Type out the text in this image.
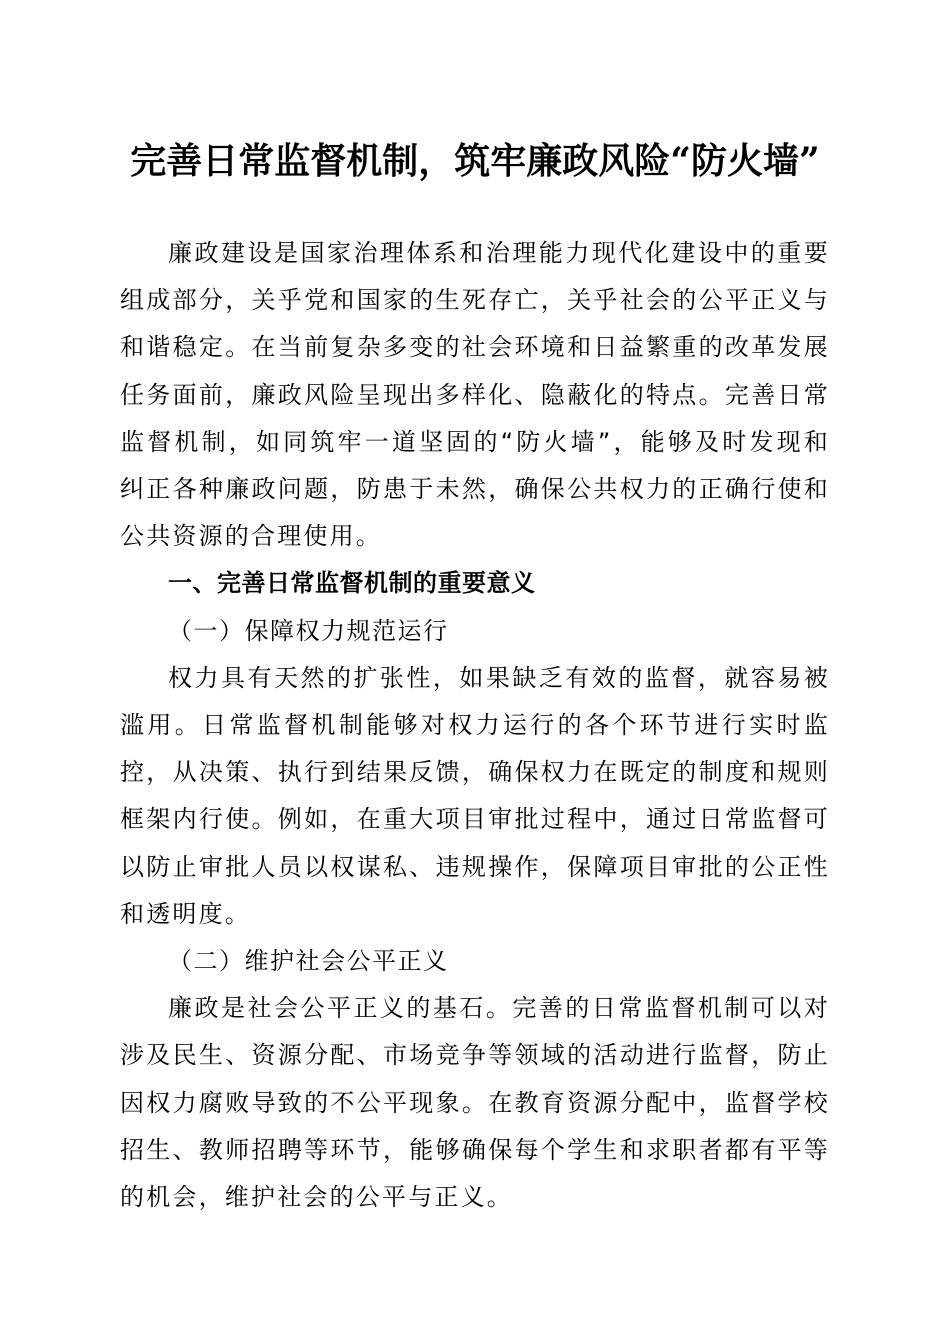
完善日常监督机制，筑牢廉政风险“防火墙”

廉政建设是国家治理体系和治理能力现代化建设中的重要组成部分，关乎党和国家的生死存亡，关乎社会的公平正义与和谐稳定。在当前复杂多变的社会环境和日益繁重的改革发展任务面前，廉政风险呈现出多样化、隐蔽化的特点。完善日常监督机制，如同筑牢一道坚固的“防火墙”，能够及时发现和纠正各种廉政问题，防患于未然，确保公共权力的正确行使和公共资源的合理使用。

一、完善日常监督机制的重要意义

（一）保障权力规范运行

权力具有天然的扩张性，如果缺乏有效的监督，就容易被滥用。日常监督机制能够对权力运行的各个环节进行实时监控，从决策、执行到结果反馈，确保权力在既定的制度和规则框架内行使。例如，在重大项目审批过程中，通过日常监督可以防止审批人员以权谋私、违规操作，保障项目审批的公正性和透明度。

（二）维护社会公平正义

廉政是社会公平正义的基石。完善的日常监督机制可以对涉及民生、资源分配、市场竞争等领域的活动进行监督，防止因权力腐败导致的不公平现象。在教育资源分配中，监督学校招生、教师招聘等环节，能够确保每个学生和求职者都有平等的机会，维护社会的公平与正义。
